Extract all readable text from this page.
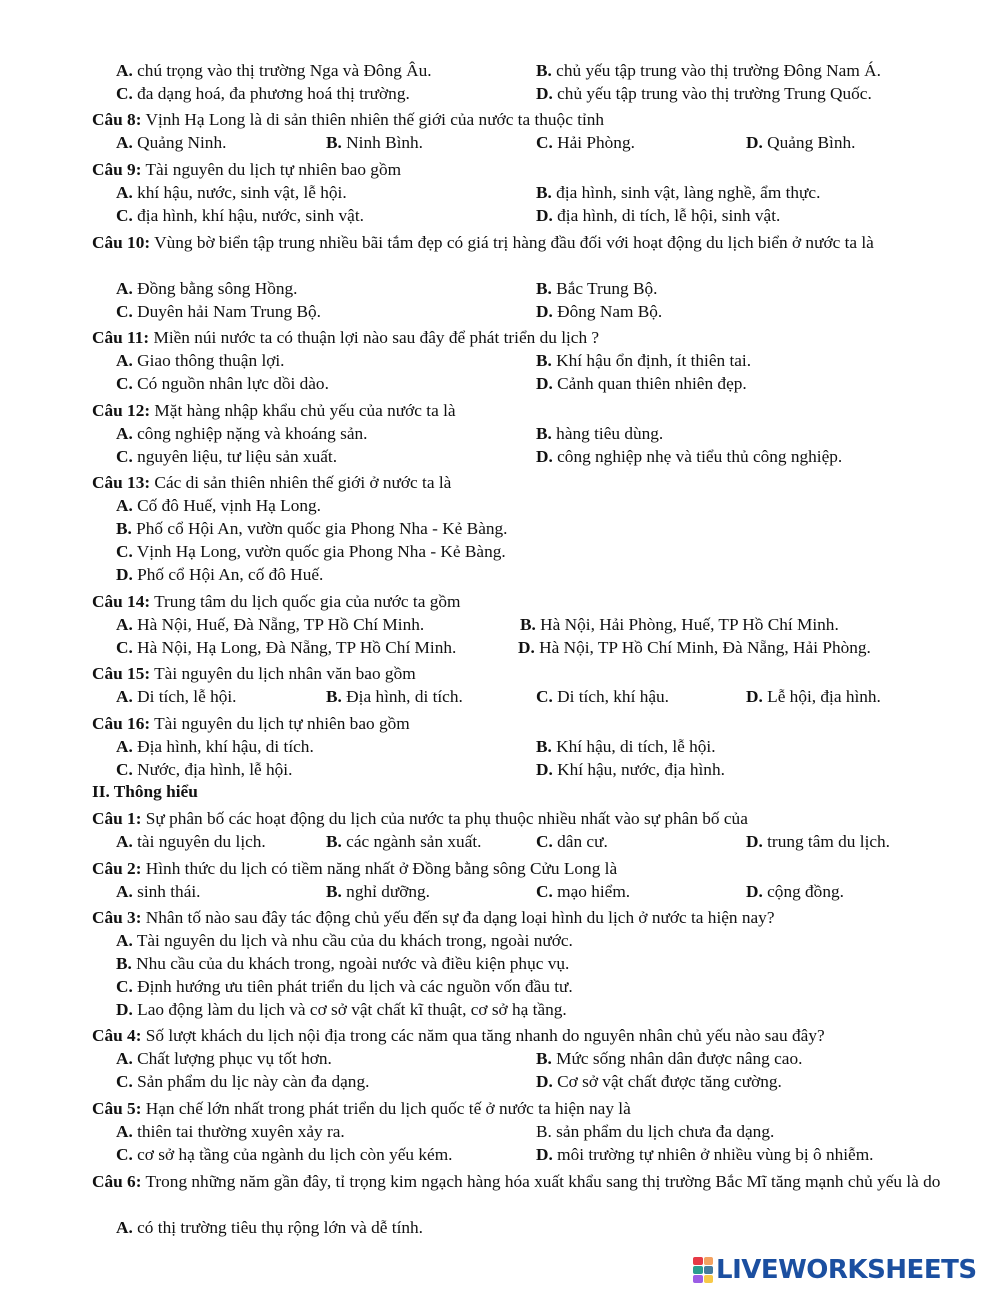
A. chú trọng vào thị trường Nga và Đông Âu.	B. chủ yếu tập trung vào thị trường Đông Nam Á.
C. đa dạng hoá, đa phương hoá thị trường.	D. chủ yếu tập trung vào thị trường Trung Quốc.
Câu 8: Vịnh Hạ Long là di sản thiên nhiên thế giới của nước ta thuộc tỉnh
A. Quảng Ninh.	B. Ninh Bình.	C. Hải Phòng.	D. Quảng Bình.
Câu 9: Tài nguyên du lịch tự nhiên bao gồm
A. khí hậu, nước, sinh vật, lễ hội.	B. địa hình, sinh vật, làng nghề, ẩm thực.
C. địa hình, khí hậu, nước, sinh vật.	D. địa hình, di tích, lễ hội, sinh vật.
Câu 10: Vùng bờ biển tập trung nhiều bãi tắm đẹp có giá trị hàng đầu đối với hoạt động du lịch biển ở nước ta là
A. Đồng bằng sông Hồng.	B. Bắc Trung Bộ.
C. Duyên hải Nam Trung Bộ.	D. Đông Nam Bộ.
Câu 11: Miền núi nước ta có thuận lợi nào sau đây để phát triển du lịch ?
A. Giao thông thuận lợi.	B. Khí hậu ổn định, ít thiên tai.
C. Có nguồn nhân lực dồi dào.	D. Cảnh quan thiên nhiên đẹp.
Câu 12: Mặt hàng nhập khẩu chủ yếu của nước ta là
A. công nghiệp nặng và khoáng sản.	B. hàng tiêu dùng.
C. nguyên liệu, tư liệu sản xuất.	D. công nghiệp nhẹ và tiểu thủ công nghiệp.
Câu 13: Các di sản thiên nhiên thế giới ở nước ta là
A. Cố đô Huế, vịnh Hạ Long.
B. Phố cổ Hội An, vườn quốc gia Phong Nha - Kẻ Bàng.
C. Vịnh Hạ Long, vườn quốc gia Phong Nha - Kẻ Bàng.
D. Phố cổ Hội An, cố đô Huế.
Câu 14: Trung tâm du lịch quốc gia của nước ta gồm
A. Hà Nội, Huế, Đà Nẵng, TP Hồ Chí Minh.	B. Hà Nội, Hải Phòng, Huế, TP Hồ Chí Minh.
C. Hà Nội, Hạ Long, Đà Nẵng, TP Hồ Chí Minh.	D. Hà Nội, TP Hồ Chí Minh, Đà Nẵng, Hải Phòng.
Câu 15: Tài nguyên du lịch nhân văn bao gồm
A. Di tích, lễ hội.	B. Địa hình, di tích.	C. Di tích, khí hậu.	D. Lễ hội, địa hình.
Câu 16: Tài nguyên du lịch tự nhiên bao gồm
A. Địa hình, khí hậu, di tích.	B. Khí hậu, di tích, lễ hội.
C. Nước, địa hình, lễ hội.	D. Khí hậu, nước, địa hình.
II. Thông hiểu
Câu 1: Sự phân bố các hoạt động du lịch của nước ta phụ thuộc nhiều nhất vào sự phân bố của
A. tài nguyên du lịch.	B. các ngành sản xuất.	C. dân cư.	D. trung tâm du lịch.
Câu 2: Hình thức du lịch có tiềm năng nhất ở Đồng bằng sông Cửu Long là
A. sinh thái.	B. nghỉ dưỡng.	C. mạo hiểm.	D. cộng đồng.
Câu 3: Nhân tố nào sau đây tác động chủ yếu đến sự đa dạng loại hình du lịch ở nước ta hiện nay?
A. Tài nguyên du lịch và nhu cầu của du khách trong, ngoài nước.
B. Nhu cầu của du khách trong, ngoài nước và điều kiện phục vụ.
C. Định hướng ưu tiên phát triển du lịch và các nguồn vốn đầu tư.
D. Lao động làm du lịch và cơ sở vật chất kĩ thuật, cơ sở hạ tầng.
Câu 4: Số lượt khách du lịch nội địa trong các năm qua tăng nhanh do nguyên nhân chủ yếu nào sau đây?
A. Chất lượng phục vụ tốt hơn.	B. Mức sống nhân dân được nâng cao.
C. Sản phẩm du lịc này càn đa dạng.	D. Cơ sở vật chất được tăng cường.
Câu 5: Hạn chế lớn nhất trong phát triển du lịch quốc tế ở nước ta hiện nay là
A. thiên tai thường xuyên xảy ra.	B. sản phẩm du lịch chưa đa dạng.
C. cơ sở hạ tầng của ngành du lịch còn yếu kém.	D. môi trường tự nhiên ở nhiều vùng bị ô nhiễm.
Câu 6: Trong những năm gần đây, tỉ trọng kim ngạch hàng hóa xuất khẩu sang thị trường Bắc Mĩ tăng mạnh chủ yếu là do
A. có thị trường tiêu thụ rộng lớn và dễ tính.
LIVEWORKSHEETS
